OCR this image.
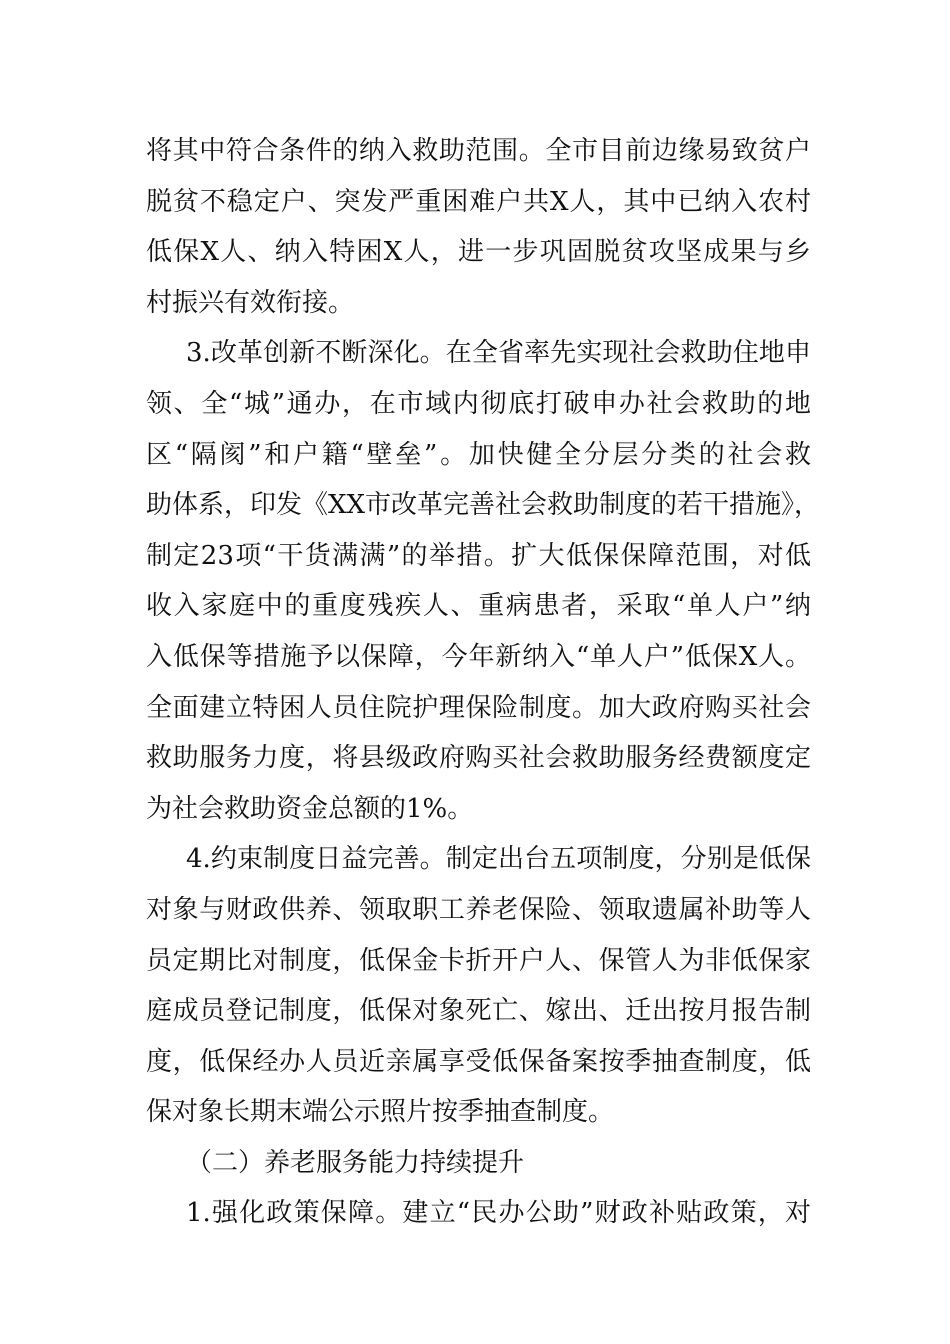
将其中符合条件的纳入救助范围。全市目前边缘易致贫户
脱贫不稳定户、突发严重困难户共X人，其中已纳入农村
低保X人、纳入特困X人，进一步巩固脱贫攻坚成果与乡
村振兴有效衔接。
3.改革创新不断深化。在全省率先实现社会救助住地申
领、全“城”通办，在市域内彻底打破申办社会救助的地
区“隔阂”和户籍“壁垒”。加快健全分层分类的社会救
助体系，印发《XX市改革完善社会救助制度的若干措施》，
制定23项“干货满满”的举措。扩大低保保障范围，对低
收入家庭中的重度残疾人、重病患者，采取“单人户”纳
入低保等措施予以保障，今年新纳入“单人户”低保X人。
全面建立特困人员住院护理保险制度。加大政府购买社会
救助服务力度，将县级政府购买社会救助服务经费额度定
为社会救助资金总额的1%。
4.约束制度日益完善。制定出台五项制度，分别是低保
对象与财政供养、领取职工养老保险、领取遗属补助等人
员定期比对制度，低保金卡折开户人、保管人为非低保家
庭成员登记制度，低保对象死亡、嫁出、迁出按月报告制
度，低保经办人员近亲属享受低保备案按季抽查制度，低
保对象长期末端公示照片按季抽查制度。
（二）养老服务能力持续提升
1.强化政策保障。建立“民办公助”财政补贴政策，对
